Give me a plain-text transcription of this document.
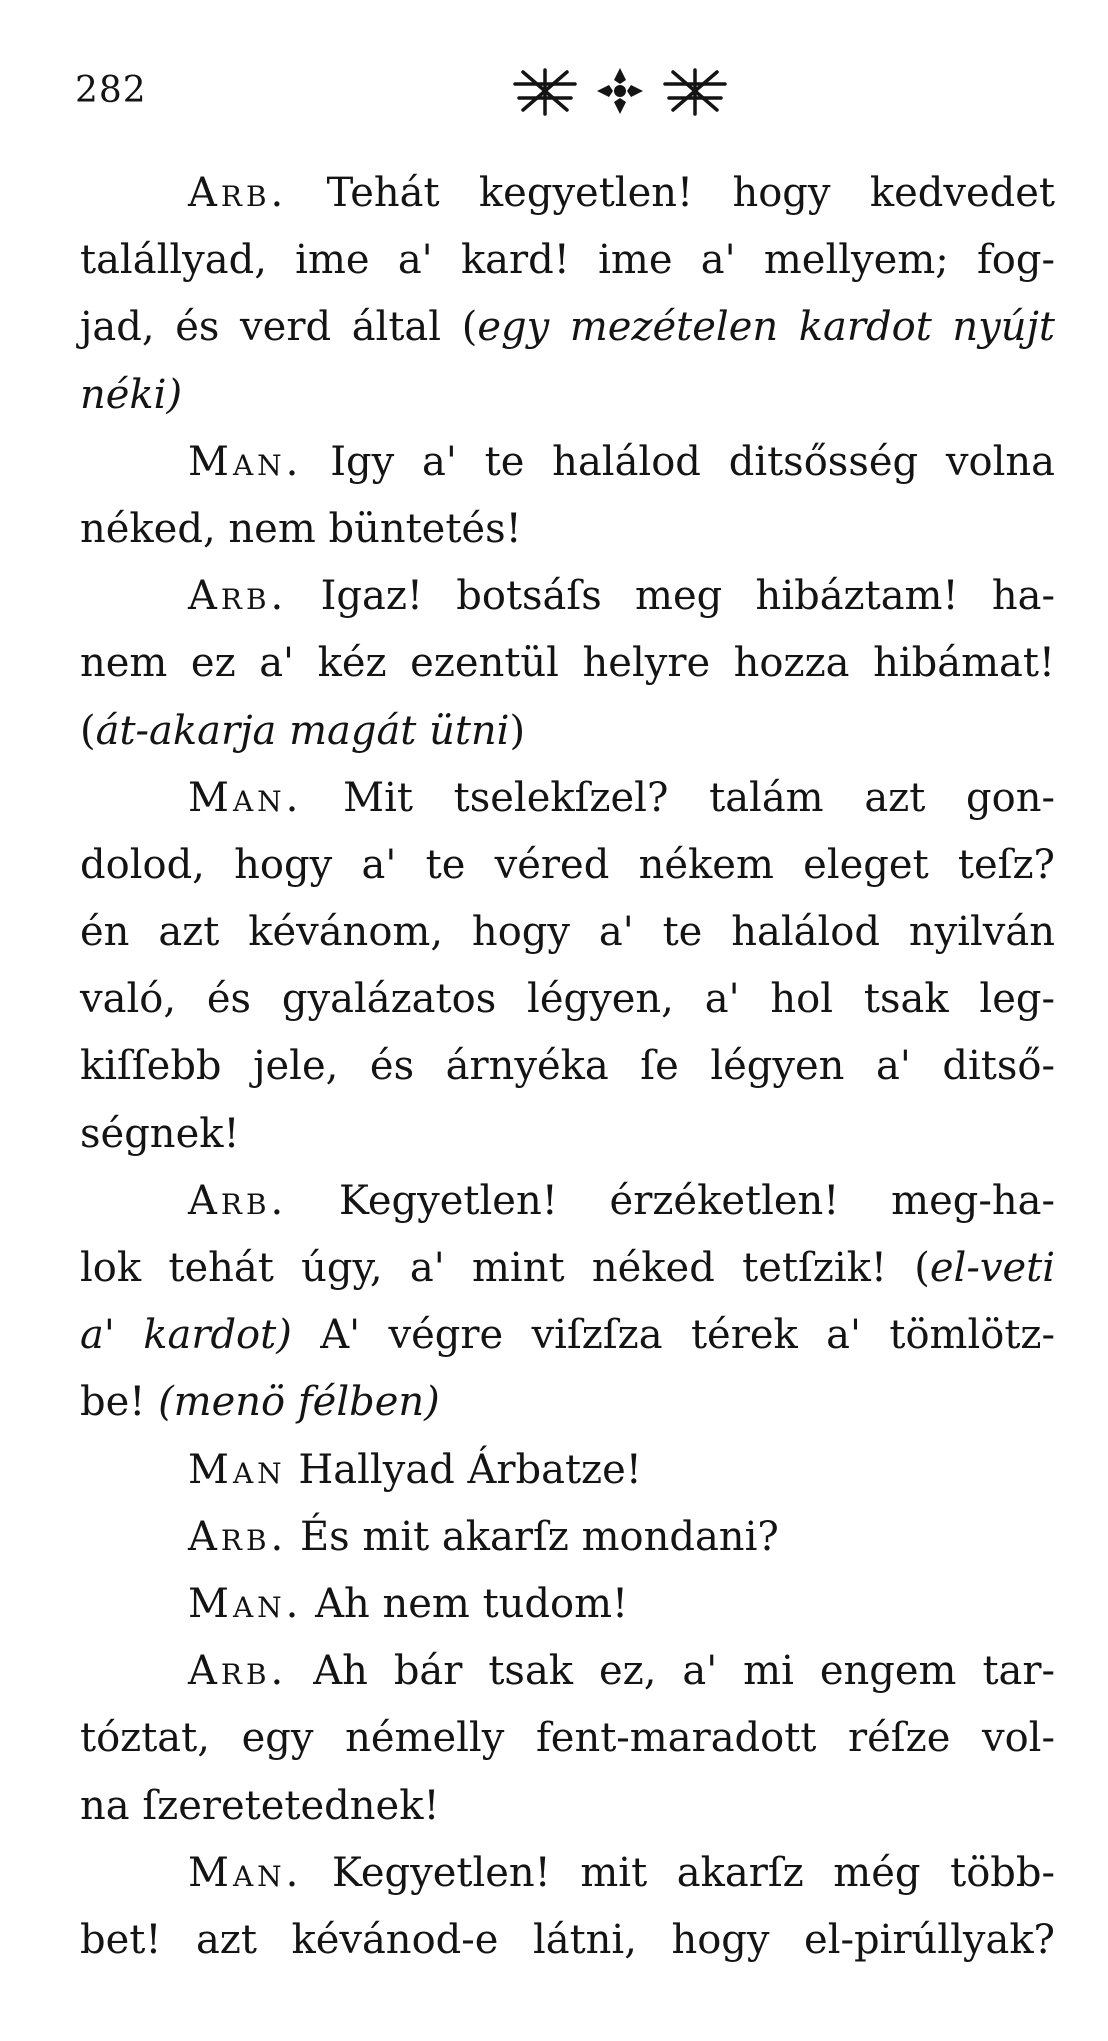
282
Arb. Tehát kegyetlen! hogy kedvedet
talállyad, ime a' kard! ime a' mellyem; fog-
jad, és verd által (egy mezételen kardot nyújt
néki)
Man. Igy a' te halálod ditsősség volna
néked, nem büntetés!
Arb. Igaz! botsáſs meg hibáztam! ha-
nem ez a' kéz ezentül helyre hozza hibámat!
(át-akarja magát ütni)
Man. Mit tselekſzel? talám azt gon-
dolod, hogy a' te véred nékem eleget teſz?
én azt kévánom, hogy a' te halálod nyilván
való, és gyalázatos légyen, a' hol tsak leg-
kiſſebb jele, és árnyéka ſe légyen a' ditső-
ségnek!
Arb. Kegyetlen! érzéketlen! meg-ha-
lok tehát úgy, a' mint néked tetſzik! (el-veti
a' kardot) A' végre viſzſza térek a' tömlötz-
be! (menö félben)
Man Hallyad Árbatze!
Arb. És mit akarſz mondani?
Man. Ah nem tudom!
Arb. Ah bár tsak ez, a' mi engem tar-
tóztat, egy némelly fent-maradott réſze vol-
na ſzeretetednek!
Man. Kegyetlen! mit akarſz még több-
bet! azt kévánod-e látni, hogy el-pirúllyak?
